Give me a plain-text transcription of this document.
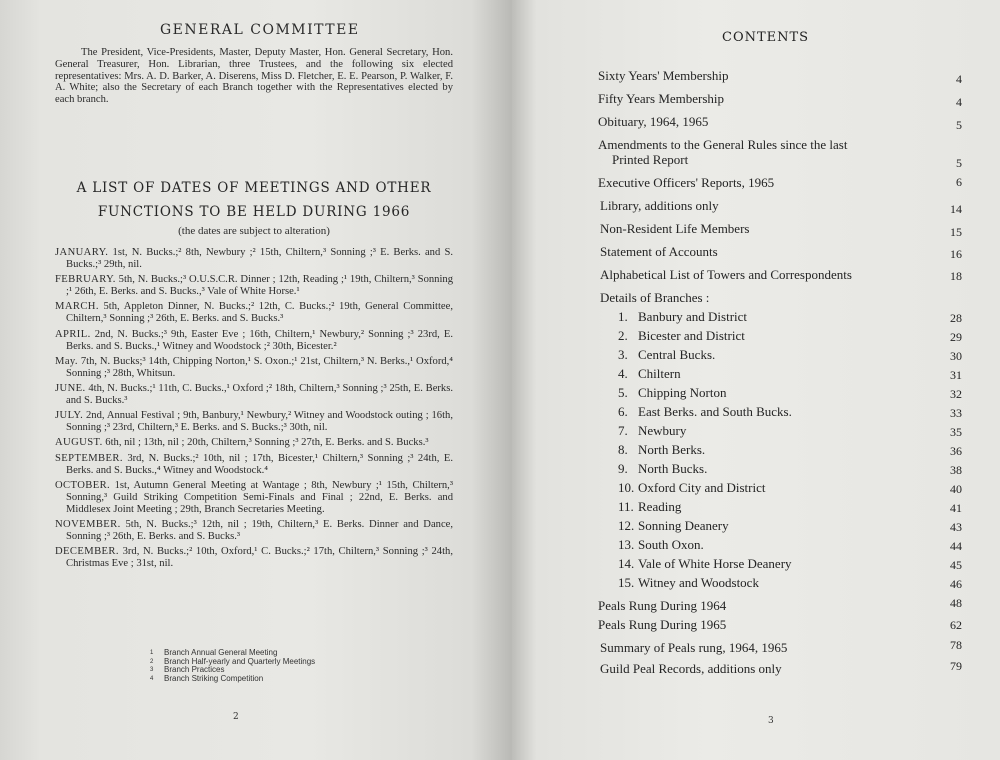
GENERAL COMMITTEE
The President, Vice-Presidents, Master, Deputy Master, Hon. General Secretary, Hon. General Treasurer, Hon. Librarian, three Trustees, and the following six elected representatives: Mrs. A. D. Barker, A. Diserens, Miss D. Fletcher, E. E. Pearson, P. Walker, F. A. White; also the Secretary of each Branch together with the Representatives elected by each branch.
A LIST OF DATES OF MEETINGS AND OTHER
FUNCTIONS TO BE HELD DURING 1966
(the dates are subject to alteration)
JANUARY. 1st, N. Bucks.;² 8th, Newbury ;² 15th, Chiltern,³ Sonning ;³ E. Berks. and S. Bucks.;³ 29th, nil.
FEBRUARY. 5th, N. Bucks.;³ O.U.S.C.R. Dinner ; 12th, Reading ;¹ 19th, Chiltern,³ Sonning ;¹ 26th, E. Berks. and S. Bucks.,³ Vale of White Horse.¹
MARCH. 5th, Appleton Dinner, N. Bucks.;² 12th, C. Bucks.;² 19th, General Committee, Chiltern,³ Sonning ;³ 26th, E. Berks. and S. Bucks.³
APRIL. 2nd, N. Bucks.;³ 9th, Easter Eve ; 16th, Chiltern,¹ Newbury,² Sonning ;³ 23rd, E. Berks. and S. Bucks.,¹ Witney and Woodstock ;² 30th, Bicester.²
May. 7th, N. Bucks;³ 14th, Chipping Norton,¹ S. Oxon.;¹ 21st, Chiltern,³ N. Berks.,¹ Oxford,⁴ Sonning ;³ 28th, Whitsun.
JUNE. 4th, N. Bucks.;¹ 11th, C. Bucks.,¹ Oxford ;² 18th, Chiltern,³ Sonning ;³ 25th, E. Berks. and S. Bucks.³
JULY. 2nd, Annual Festival ; 9th, Banbury,¹ Newbury,² Witney and Woodstock outing ; 16th, Sonning ;³ 23rd, Chiltern,³ E. Berks. and S. Bucks.;³ 30th, nil.
AUGUST. 6th, nil ; 13th, nil ; 20th, Chiltern,³ Sonning ;³ 27th, E. Berks. and S. Bucks.³
SEPTEMBER. 3rd, N. Bucks.;² 10th, nil ; 17th, Bicester,¹ Chiltern,³ Sonning ;³ 24th, E. Berks. and S. Bucks.,⁴ Witney and Woodstock.⁴
OCTOBER. 1st, Autumn General Meeting at Wantage ; 8th, Newbury ;¹ 15th, Chiltern,³ Sonning,³ Guild Striking Competition Semi-Finals and Final ; 22nd, E. Berks. and Middlesex Joint Meeting ; 29th, Branch Secretaries Meeting.
NOVEMBER. 5th, N. Bucks.;³ 12th, nil ; 19th, Chiltern,³ E. Berks. Dinner and Dance, Sonning ;³ 26th, E. Berks. and S. Bucks.³
DECEMBER. 3rd, N. Bucks.;² 10th, Oxford,¹ C. Bucks.;² 17th, Chiltern,³ Sonning ;³ 24th, Christmas Eve ; 31st, nil.
1	Branch Annual General Meeting
2	Branch Half-yearly and Quarterly Meetings
3	Branch Practices
4	Branch Striking Competition
2
CONTENTS
Sixty Years' Membership	4
Fifty Years Membership	4
Obituary, 1964, 1965	5
Amendments to the General Rules since the last
Printed Report	5
Executive Officers' Reports, 1965	6
Library, additions only	14
Non-Resident Life Members	15
Statement of Accounts	16
Alphabetical List of Towers and Correspondents	18
Details of Branches :
1. Banbury and District	28
2. Bicester and District	29
3. Central Bucks.	30
4. Chiltern	31
5. Chipping Norton	32
6. East Berks. and South Bucks.	33
7. Newbury	35
8. North Berks.	36
9. North Bucks.	38
10. Oxford City and District	40
11. Reading	41
12. Sonning Deanery	43
13. South Oxon.	44
14. Vale of White Horse Deanery	45
15. Witney and Woodstock	46
Peals Rung During 1964	48
Peals Rung During 1965	62
Summary of Peals rung, 1964, 1965	78
Guild Peal Records, additions only	79
3
